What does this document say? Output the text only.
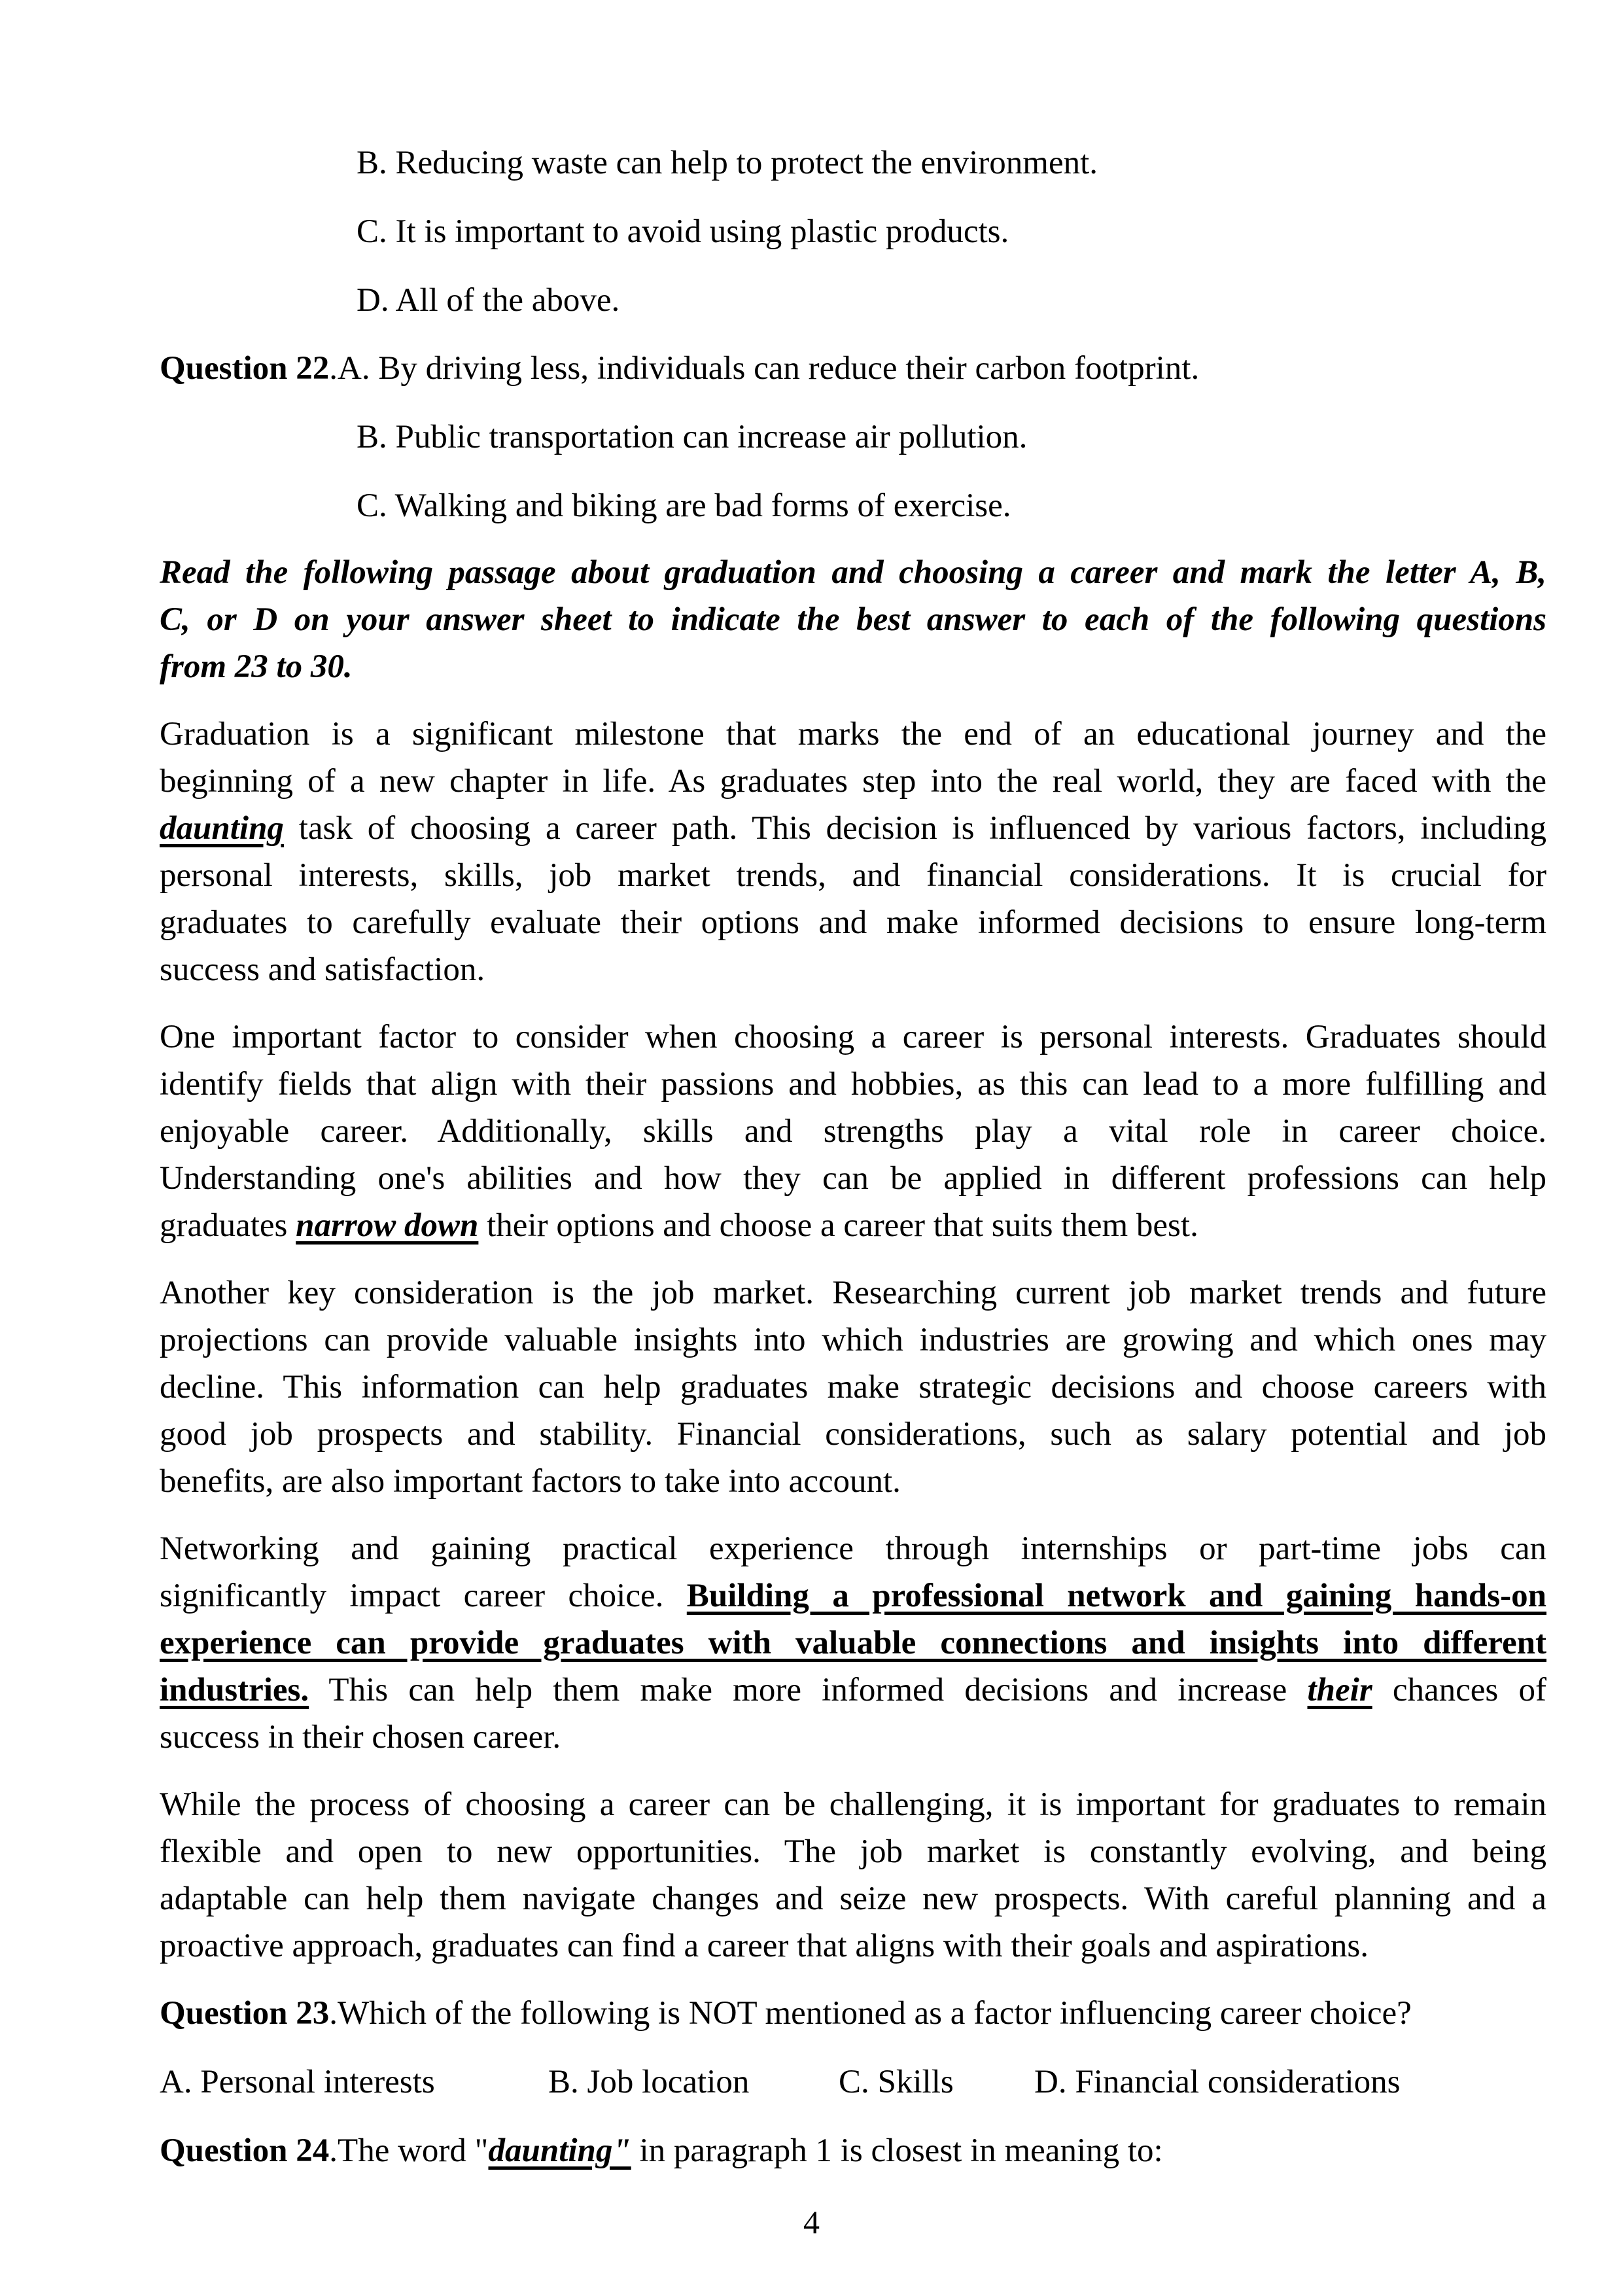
B. Reducing waste can help to protect the environment.
C. It is important to avoid using plastic products.
D. All of the above.
Question 22.A. By driving less, individuals can reduce their carbon footprint.
B. Public transportation can increase air pollution.
C. Walking and biking are bad forms of exercise.
Read the following passage about graduation and choosing a career and mark the letter A, B,
C, or D on your answer sheet to indicate the best answer to each of the following questions
from 23 to 30.
Graduation is a significant milestone that marks the end of an educational journey and the
beginning of a new chapter in life. As graduates step into the real world, they are faced with the
daunting task of choosing a career path. This decision is influenced by various factors, including
personal interests, skills, job market trends, and financial considerations. It is crucial for
graduates to carefully evaluate their options and make informed decisions to ensure long-term
success and satisfaction.
One important factor to consider when choosing a career is personal interests. Graduates should
identify fields that align with their passions and hobbies, as this can lead to a more fulfilling and
enjoyable career. Additionally, skills and strengths play a vital role in career choice.
Understanding one's abilities and how they can be applied in different professions can help
graduates narrow down their options and choose a career that suits them best.
Another key consideration is the job market. Researching current job market trends and future
projections can provide valuable insights into which industries are growing and which ones may
decline. This information can help graduates make strategic decisions and choose careers with
good job prospects and stability. Financial considerations, such as salary potential and job
benefits, are also important factors to take into account.
Networking and gaining practical experience through internships or part-time jobs can
significantly impact career choice. Building a professional network and gaining hands-on
experience can provide graduates with valuable connections and insights into different
industries. This can help them make more informed decisions and increase their chances of
success in their chosen career.
While the process of choosing a career can be challenging, it is important for graduates to remain
flexible and open to new opportunities. The job market is constantly evolving, and being
adaptable can help them navigate changes and seize new prospects. With careful planning and a
proactive approach, graduates can find a career that aligns with their goals and aspirations.
Question 23.Which of the following is NOT mentioned as a factor influencing career choice?
A. Personal interests	B. Job location	C. Skills D. Financial considerations
Question 24.The word "daunting" in paragraph 1 is closest in meaning to:
4
